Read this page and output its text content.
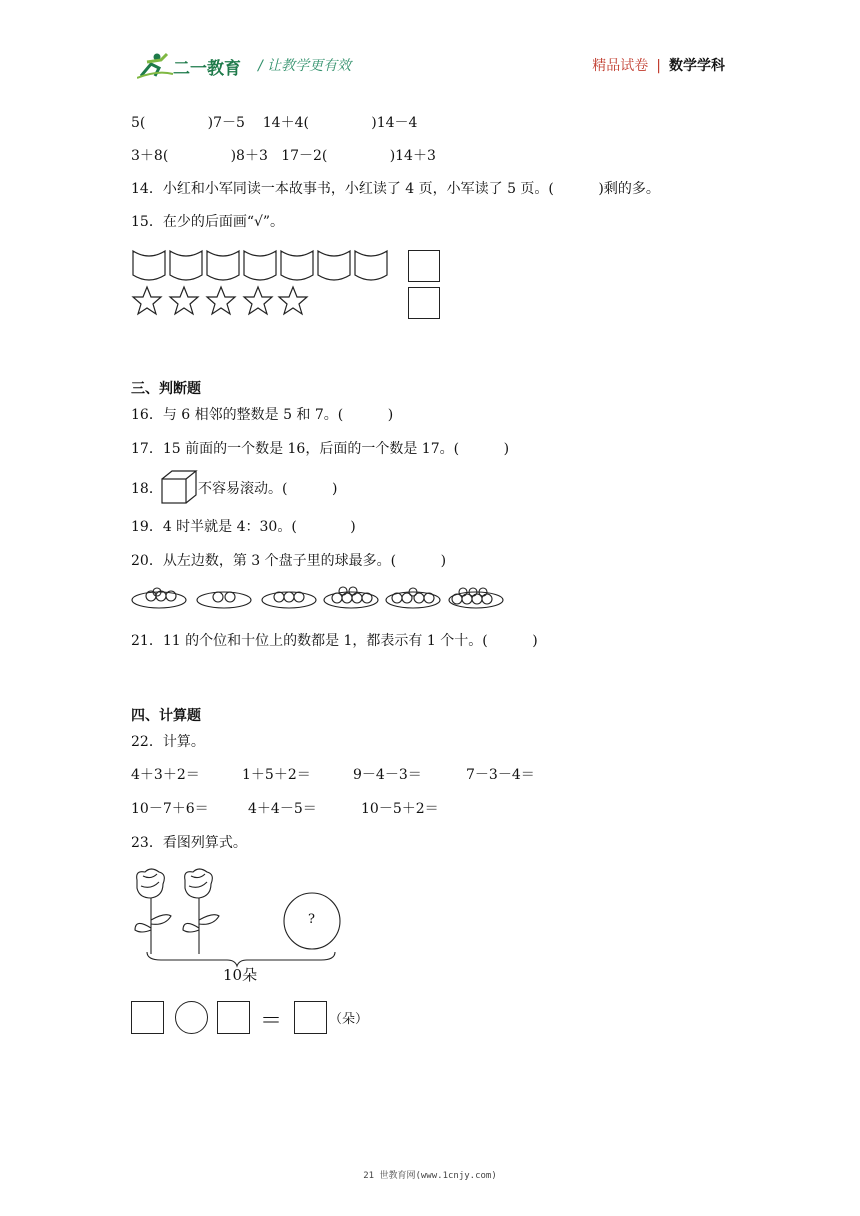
二一教育 / 让教学更有效	精品试卷 | 数学学科
5(              )7－5    14＋4(              )14－4
3＋8(              )8＋3   17－2(              )14＋3
14．小红和小军同读一本故事书，小红读了 4 页，小军读了 5 页。(          )剩的多。
15．在少的后面画“√”。
三、判断题
16．与 6 相邻的整数是 5 和 7。(          )
17．15 前面的一个数是 16，后面的一个数是 17。(          )
18．	不容易滚动。(          )
19．4 时半就是 4：30。(            )
20．从左边数，第 3 个盘子里的球最多。(          )
21．11 的个位和十位上的数都是 1，都表示有 1 个十。(          )
四、计算题
22．计算。
4＋3＋2＝	1＋5＋2＝	9－4－3＝	7－3－4＝
10－7＋6＝	4＋4－5＝	10－5＋2＝
23．看图列算式。
?
10朵
＝	（朵）
21 世教育网(www.1cnjy.com)
